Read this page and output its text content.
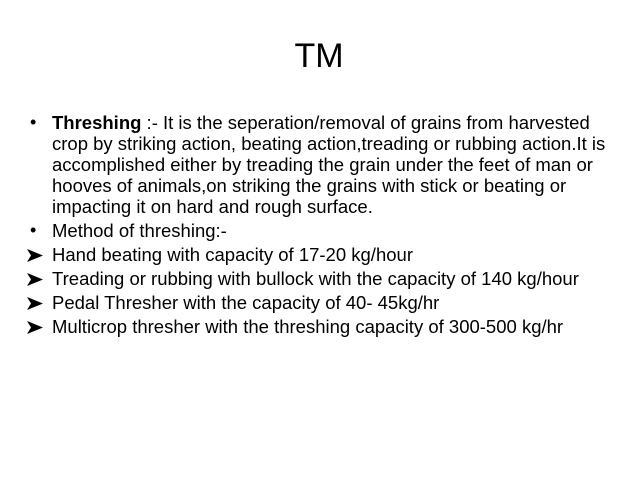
TM
• Threshing :- It is the seperation/removal of grains from harvested crop by striking action, beating action,treading or rubbing action.It is accomplished either by treading the grain under the feet of man or hooves of animals,on striking the grains with stick or beating or impacting it on hard and rough surface.
• Method of threshing:-
Hand beating with capacity of 17-20 kg/hour
Treading or rubbing with bullock with the capacity of 140 kg/hour
Pedal Thresher with the capacity of 40- 45kg/hr
Multicrop thresher with the threshing capacity of 300-500 kg/hr
